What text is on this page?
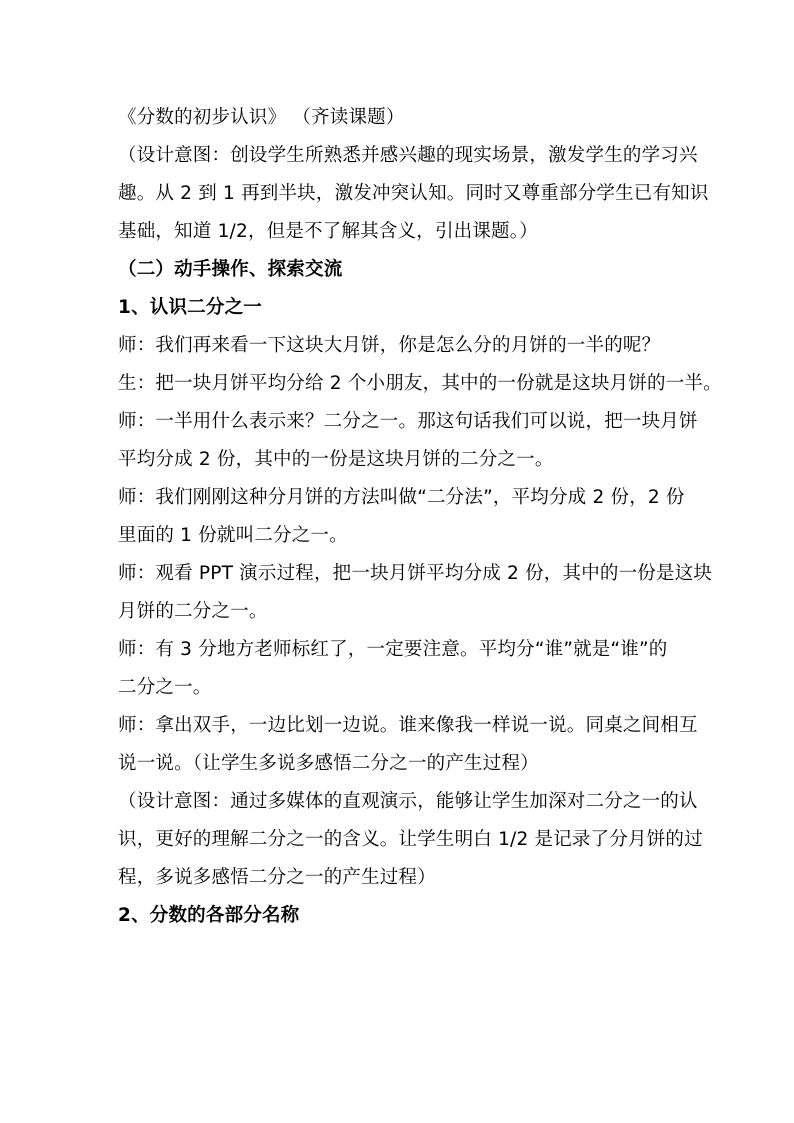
《分数的初步认识》 （齐读课题）
（设计意图：创设学生所熟悉并感兴趣的现实场景，激发学生的学习兴
趣。从 2 到 1 再到半块，激发冲突认知。同时又尊重部分学生已有知识
基础，知道 1/2，但是不了解其含义，引出课题。）
（二）动手操作、探索交流
1、认识二分之一
师：我们再来看一下这块大月饼，你是怎么分的月饼的一半的呢？
生：把一块月饼平均分给 2 个小朋友，其中的一份就是这块月饼的一半。
师：一半用什么表示来？二分之一。那这句话我们可以说，把一块月饼
平均分成 2 份，其中的一份是这块月饼的二分之一。
师：我们刚刚这种分月饼的方法叫做“二分法”，平均分成 2 份，2 份
里面的 1 份就叫二分之一。
师：观看 PPT 演示过程，把一块月饼平均分成 2 份，其中的一份是这块
月饼的二分之一。
师：有 3 分地方老师标红了，一定要注意。平均分“谁”就是“谁”的
二分之一。
师：拿出双手，一边比划一边说。谁来像我一样说一说。同桌之间相互
说一说。（让学生多说多感悟二分之一的产生过程）
（设计意图：通过多媒体的直观演示，能够让学生加深对二分之一的认
识，更好的理解二分之一的含义。让学生明白 1/2 是记录了分月饼的过
程，多说多感悟二分之一的产生过程）
2、分数的各部分名称
